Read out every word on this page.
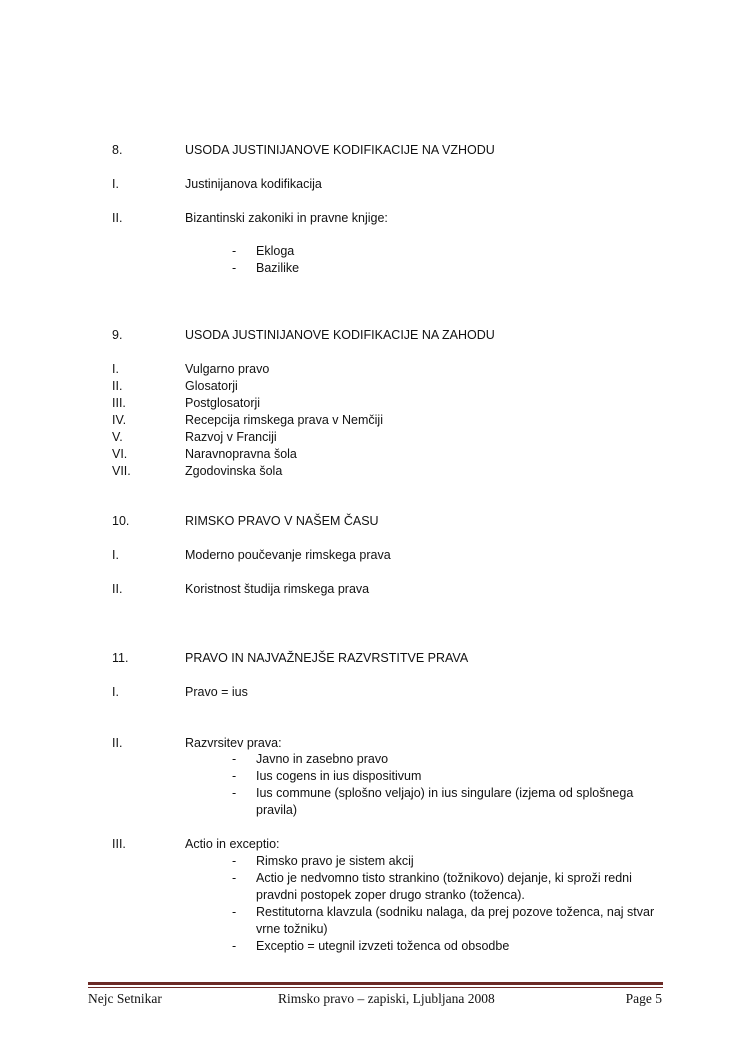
8.	USODA JUSTINIJANOVE KODIFIKACIJE NA VZHODU
I.	Justinijanova kodifikacija
II.	Bizantinski zakoniki in pravne knjige:
- Ekloga
- Bazilike
9.	USODA JUSTINIJANOVE KODIFIKACIJE NA ZAHODU
I.	Vulgarno pravo
II.	Glosatorji
III.	Postglosatorji
IV.	Recepcija rimskega prava v Nemčiji
V.	Razvoj v Franciji
VI.	Naravnopravna šola
VII.	Zgodovinska šola
10.	RIMSKO PRAVO V NAŠEM ČASU
I.	Moderno poučevanje rimskega prava
II.	Koristnost študija rimskega prava
11.	PRAVO IN NAJVAŽNEJŠE RAZVRSTITVE PRAVA
I.	Pravo = ius
II.	Razvrsitev prava:
- Javno in zasebno pravo
- Ius cogens in ius dispositivum
- Ius commune (splošno veljajo) in ius singulare (izjema od splošnega
pravila)
III.	Actio in exceptio:
- Rimsko pravo je sistem akcij
- Actio je nedvomno tisto strankino (tožnikovo) dejanje, ki sproži redni
pravdni postopek zoper drugo stranko (toženca).
- Restitutorna klavzula (sodniku nalaga, da prej pozove toženca, naj stvar
vrne tožniku)
- Exceptio = utegnil izvzeti toženca od obsodbe
Nejc Setnikar	Rimsko pravo – zapiski, Ljubljana 2008	Page 5
